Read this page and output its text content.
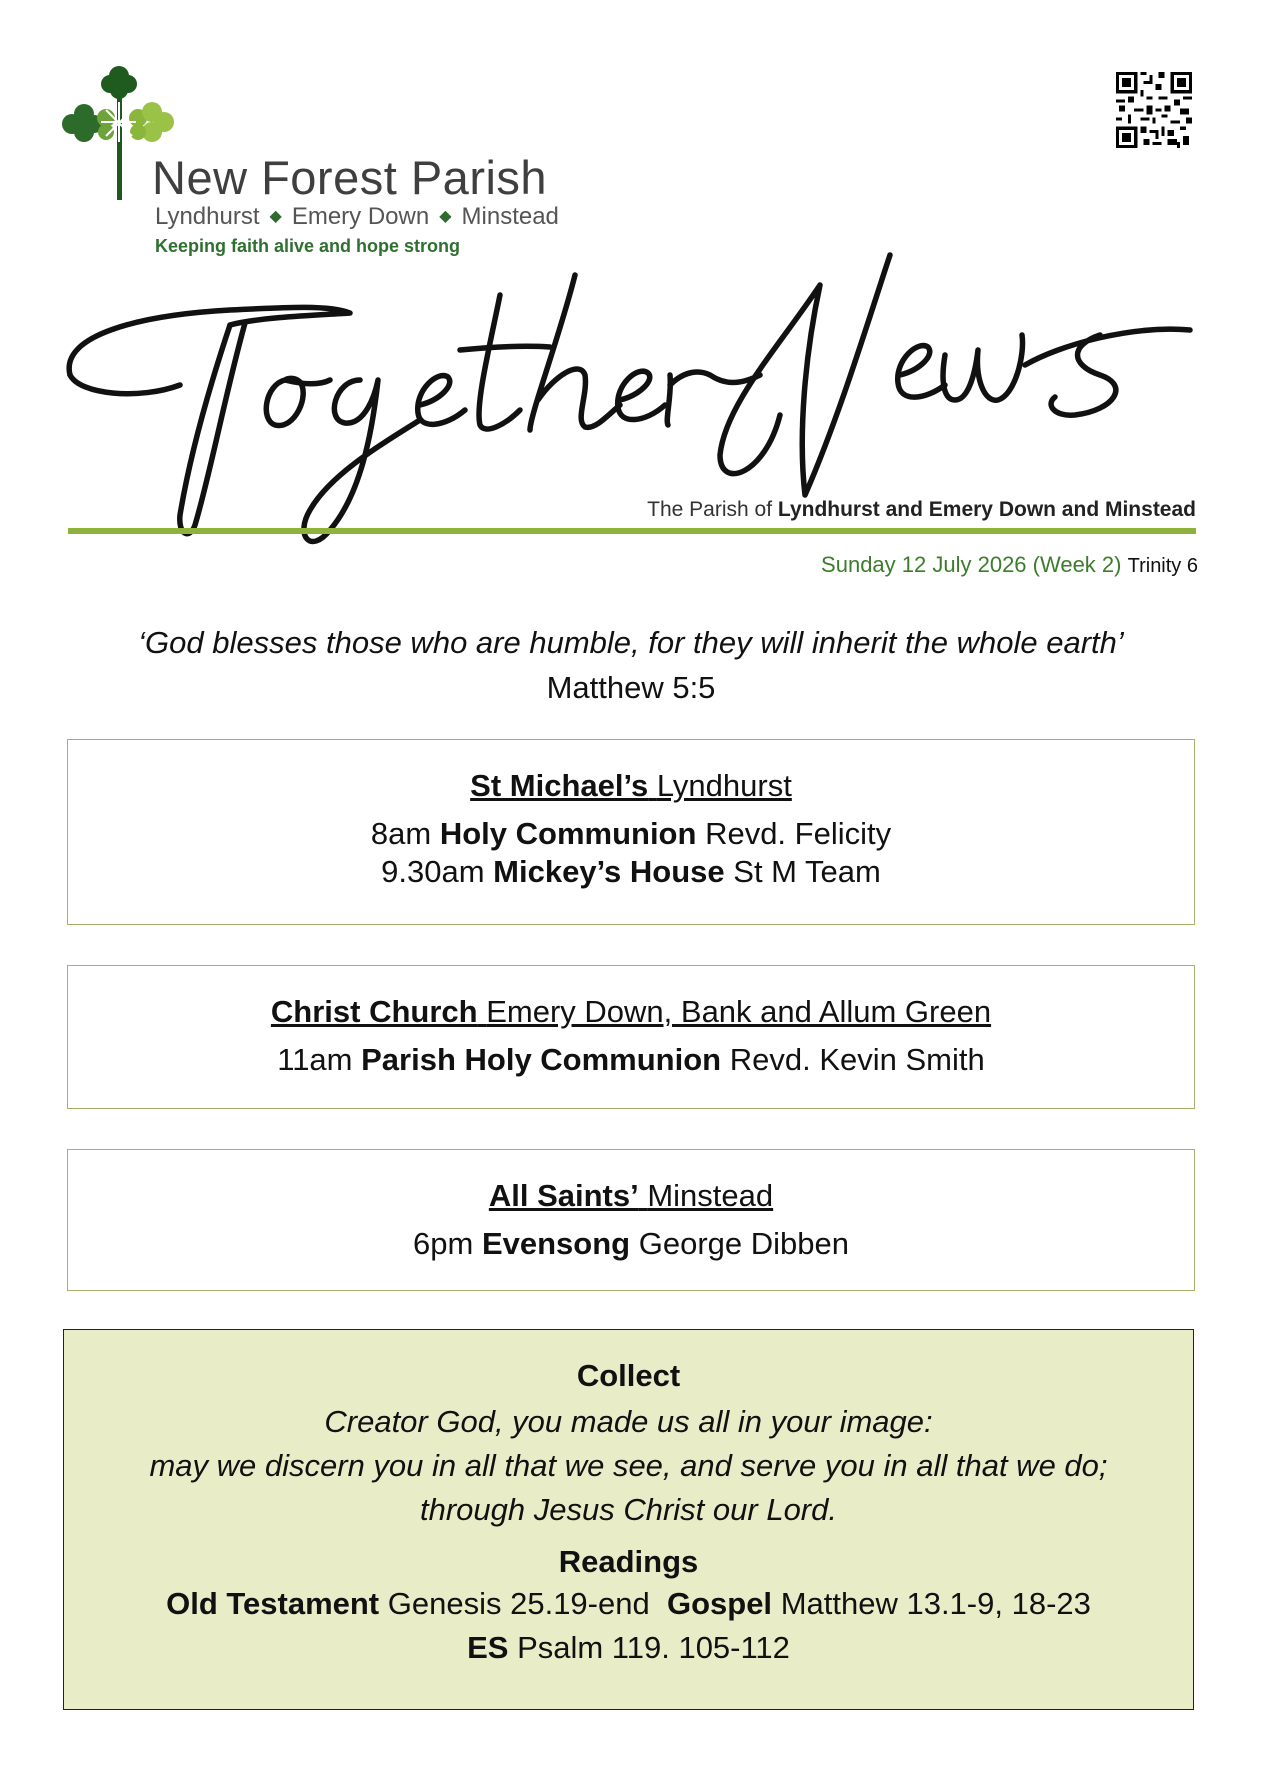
New Forest Parish
Lyndhurst ◆ Emery Down ◆ Minstead
Keeping faith alive and hope strong
The Parish of Lyndhurst and Emery Down and Minstead
Sunday 12 July 2026 (Week 2) Trinity 6
‘God blesses those who are humble, for they will inherit the whole earth’
Matthew 5:5
St Michael’s Lyndhurst
8am Holy Communion Revd. Felicity
9.30am Mickey’s House St M Team
Christ Church Emery Down, Bank and Allum Green
11am Parish Holy Communion Revd. Kevin Smith
All Saints’ Minstead
6pm Evensong George Dibben
Collect
Creator God, you made us all in your image:
may we discern you in all that we see, and serve you in all that we do;
through Jesus Christ our Lord.
Readings
Old Testament Genesis 25.19-end Gospel Matthew 13.1-9, 18-23
ES Psalm 119. 105-112
